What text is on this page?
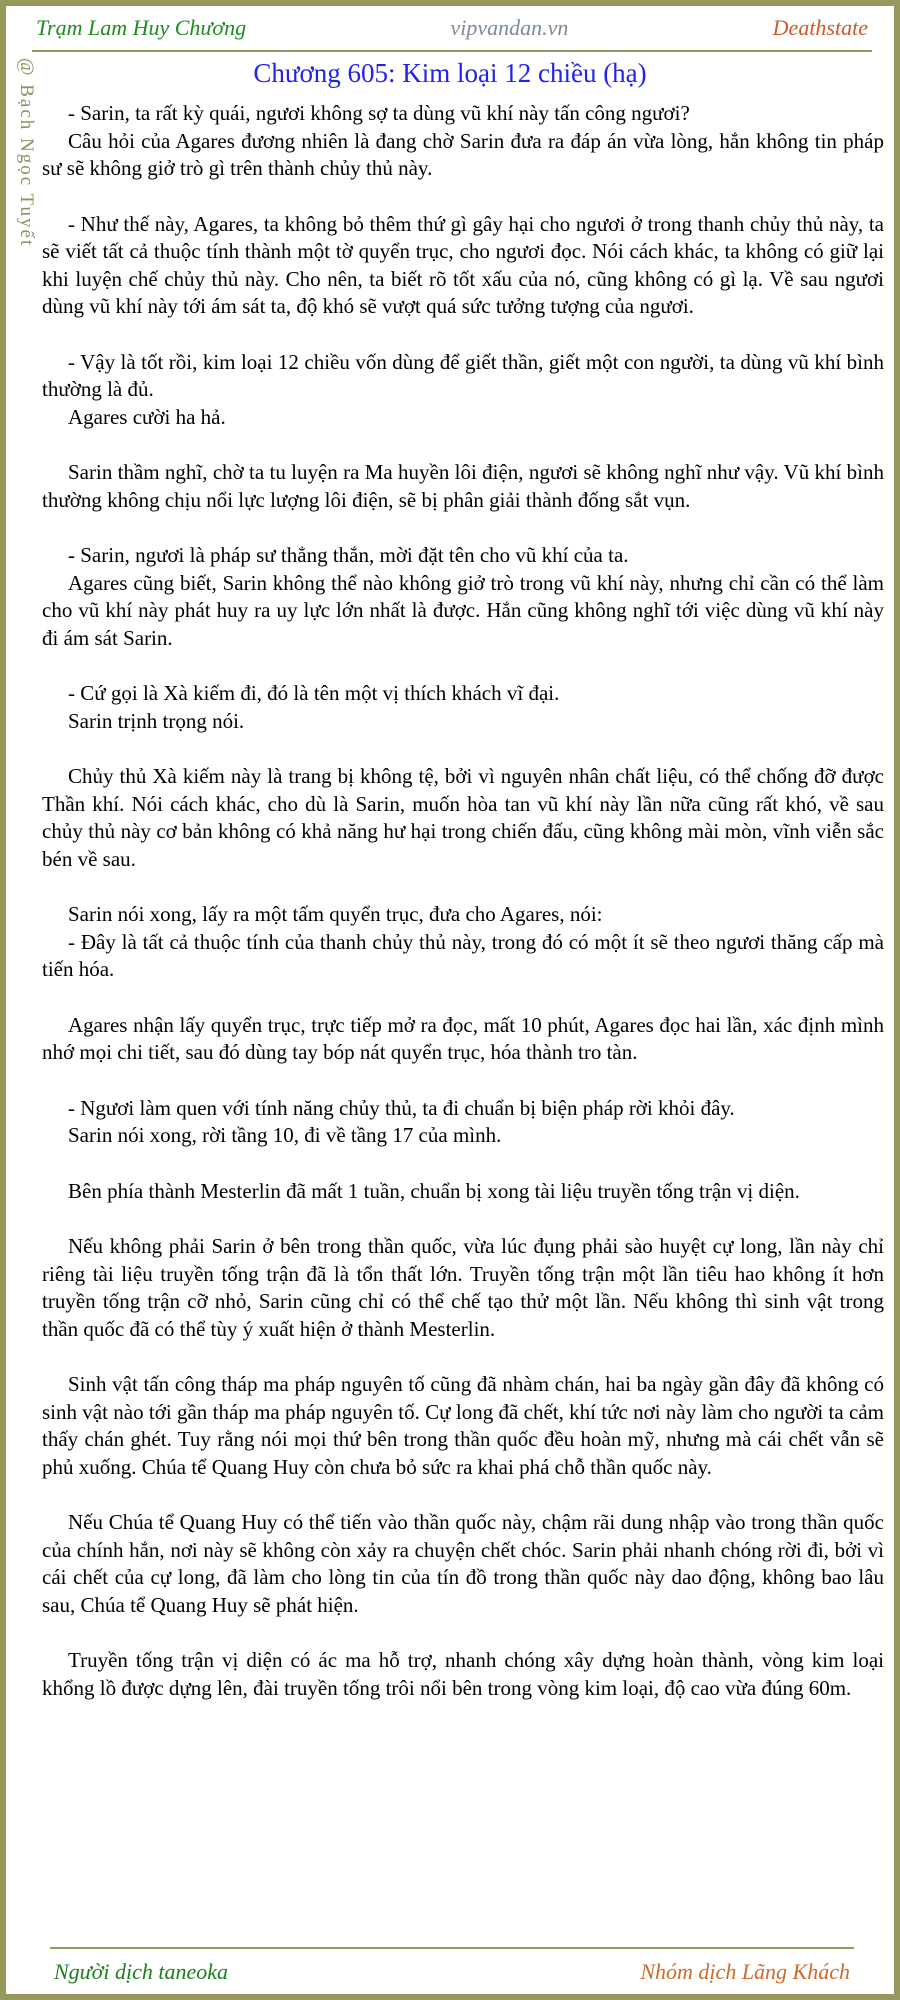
Trạm Lam Huy Chương	vipvandan.vn	Deathstate
Chương 605: Kim loại 12 chiều (hạ)
@ Bạch Ngọc Tuyết	- Sarin, ta rất kỳ quái, ngươi không sợ ta dùng vũ khí này tấn công ngươi?

Câu hỏi của Agares đương nhiên là đang chờ Sarin đưa ra đáp án vừa lòng, hắn không tin pháp sư sẽ không giở trò gì trên thành chủy thủ này.

- Như thế này, Agares, ta không bỏ thêm thứ gì gây hại cho ngươi ở trong thanh chủy thủ này, ta sẽ viết tất cả thuộc tính thành một tờ quyển trục, cho ngươi đọc. Nói cách khác, ta không có giữ lại khi luyện chế chủy thủ này. Cho nên, ta biết rõ tốt xấu của nó, cũng không có gì lạ. Về sau ngươi dùng vũ khí này tới ám sát ta, độ khó sẽ vượt quá sức tưởng tượng của ngươi.

- Vậy là tốt rồi, kim loại 12 chiều vốn dùng để giết thần, giết một con người, ta dùng vũ khí bình thường là đủ.

Agares cười ha hả.

Sarin thầm nghĩ, chờ ta tu luyện ra Ma huyền lôi điện, ngươi sẽ không nghĩ như vậy. Vũ khí bình thường không chịu nổi lực lượng lôi điện, sẽ bị phân giải thành đống sắt vụn.

- Sarin, ngươi là pháp sư thẳng thắn, mời đặt tên cho vũ khí của ta.

Agares cũng biết, Sarin không thể nào không giở trò trong vũ khí này, nhưng chỉ cần có thể làm cho vũ khí này phát huy ra uy lực lớn nhất là được. Hắn cũng không nghĩ tới việc dùng vũ khí này đi ám sát Sarin.

- Cứ gọi là Xà kiếm đi, đó là tên một vị thích khách vĩ đại.

Sarin trịnh trọng nói.

Chủy thủ Xà kiếm này là trang bị không tệ, bởi vì nguyên nhân chất liệu, có thể chống đỡ được Thần khí. Nói cách khác, cho dù là Sarin, muốn hòa tan vũ khí này lần nữa cũng rất khó, về sau chủy thủ này cơ bản không có khả năng hư hại trong chiến đấu, cũng không mài mòn, vĩnh viễn sắc bén về sau.

Sarin nói xong, lấy ra một tấm quyển trục, đưa cho Agares, nói:

- Đây là tất cả thuộc tính của thanh chủy thủ này, trong đó có một ít sẽ theo ngươi thăng cấp mà tiến hóa.

Agares nhận lấy quyển trục, trực tiếp mở ra đọc, mất 10 phút, Agares đọc hai lần, xác định mình nhớ mọi chi tiết, sau đó dùng tay bóp nát quyển trục, hóa thành tro tàn.

- Ngươi làm quen với tính năng chủy thủ, ta đi chuẩn bị biện pháp rời khỏi đây.

Sarin nói xong, rời tầng 10, đi về tầng 17 của mình.

Bên phía thành Mesterlin đã mất 1 tuần, chuẩn bị xong tài liệu truyền tống trận vị diện.

Nếu không phải Sarin ở bên trong thần quốc, vừa lúc đụng phải sào huyệt cự long, lần này chỉ riêng tài liệu truyền tống trận đã là tổn thất lớn. Truyền tống trận một lần tiêu hao không ít hơn truyền tống trận cỡ nhỏ, Sarin cũng chỉ có thể chế tạo thử một lần. Nếu không thì sinh vật trong thần quốc đã có thể tùy ý xuất hiện ở thành Mesterlin.

Sinh vật tấn công tháp ma pháp nguyên tố cũng đã nhàm chán, hai ba ngày gần đây đã không có sinh vật nào tới gần tháp ma pháp nguyên tố. Cự long đã chết, khí tức nơi này làm cho người ta cảm thấy chán ghét. Tuy rằng nói mọi thứ bên trong thần quốc đều hoàn mỹ, nhưng mà cái chết vẫn sẽ phủ xuống. Chúa tể Quang Huy còn chưa bỏ sức ra khai phá chỗ thần quốc này.

Nếu Chúa tể Quang Huy có thể tiến vào thần quốc này, chậm rãi dung nhập vào trong thần quốc của chính hắn, nơi này sẽ không còn xảy ra chuyện chết chóc. Sarin phải nhanh chóng rời đi, bởi vì cái chết của cự long, đã làm cho lòng tin của tín đồ trong thần quốc này dao động, không bao lâu sau, Chúa tể Quang Huy sẽ phát hiện.

Truyền tống trận vị diện có ác ma hỗ trợ, nhanh chóng xây dựng hoàn thành, vòng kim loại khổng lồ được dựng lên, đài truyền tống trôi nổi bên trong vòng kim loại, độ cao vừa đúng 60m.

Người dịch taneoka	Nhóm dịch Lãng Khách
